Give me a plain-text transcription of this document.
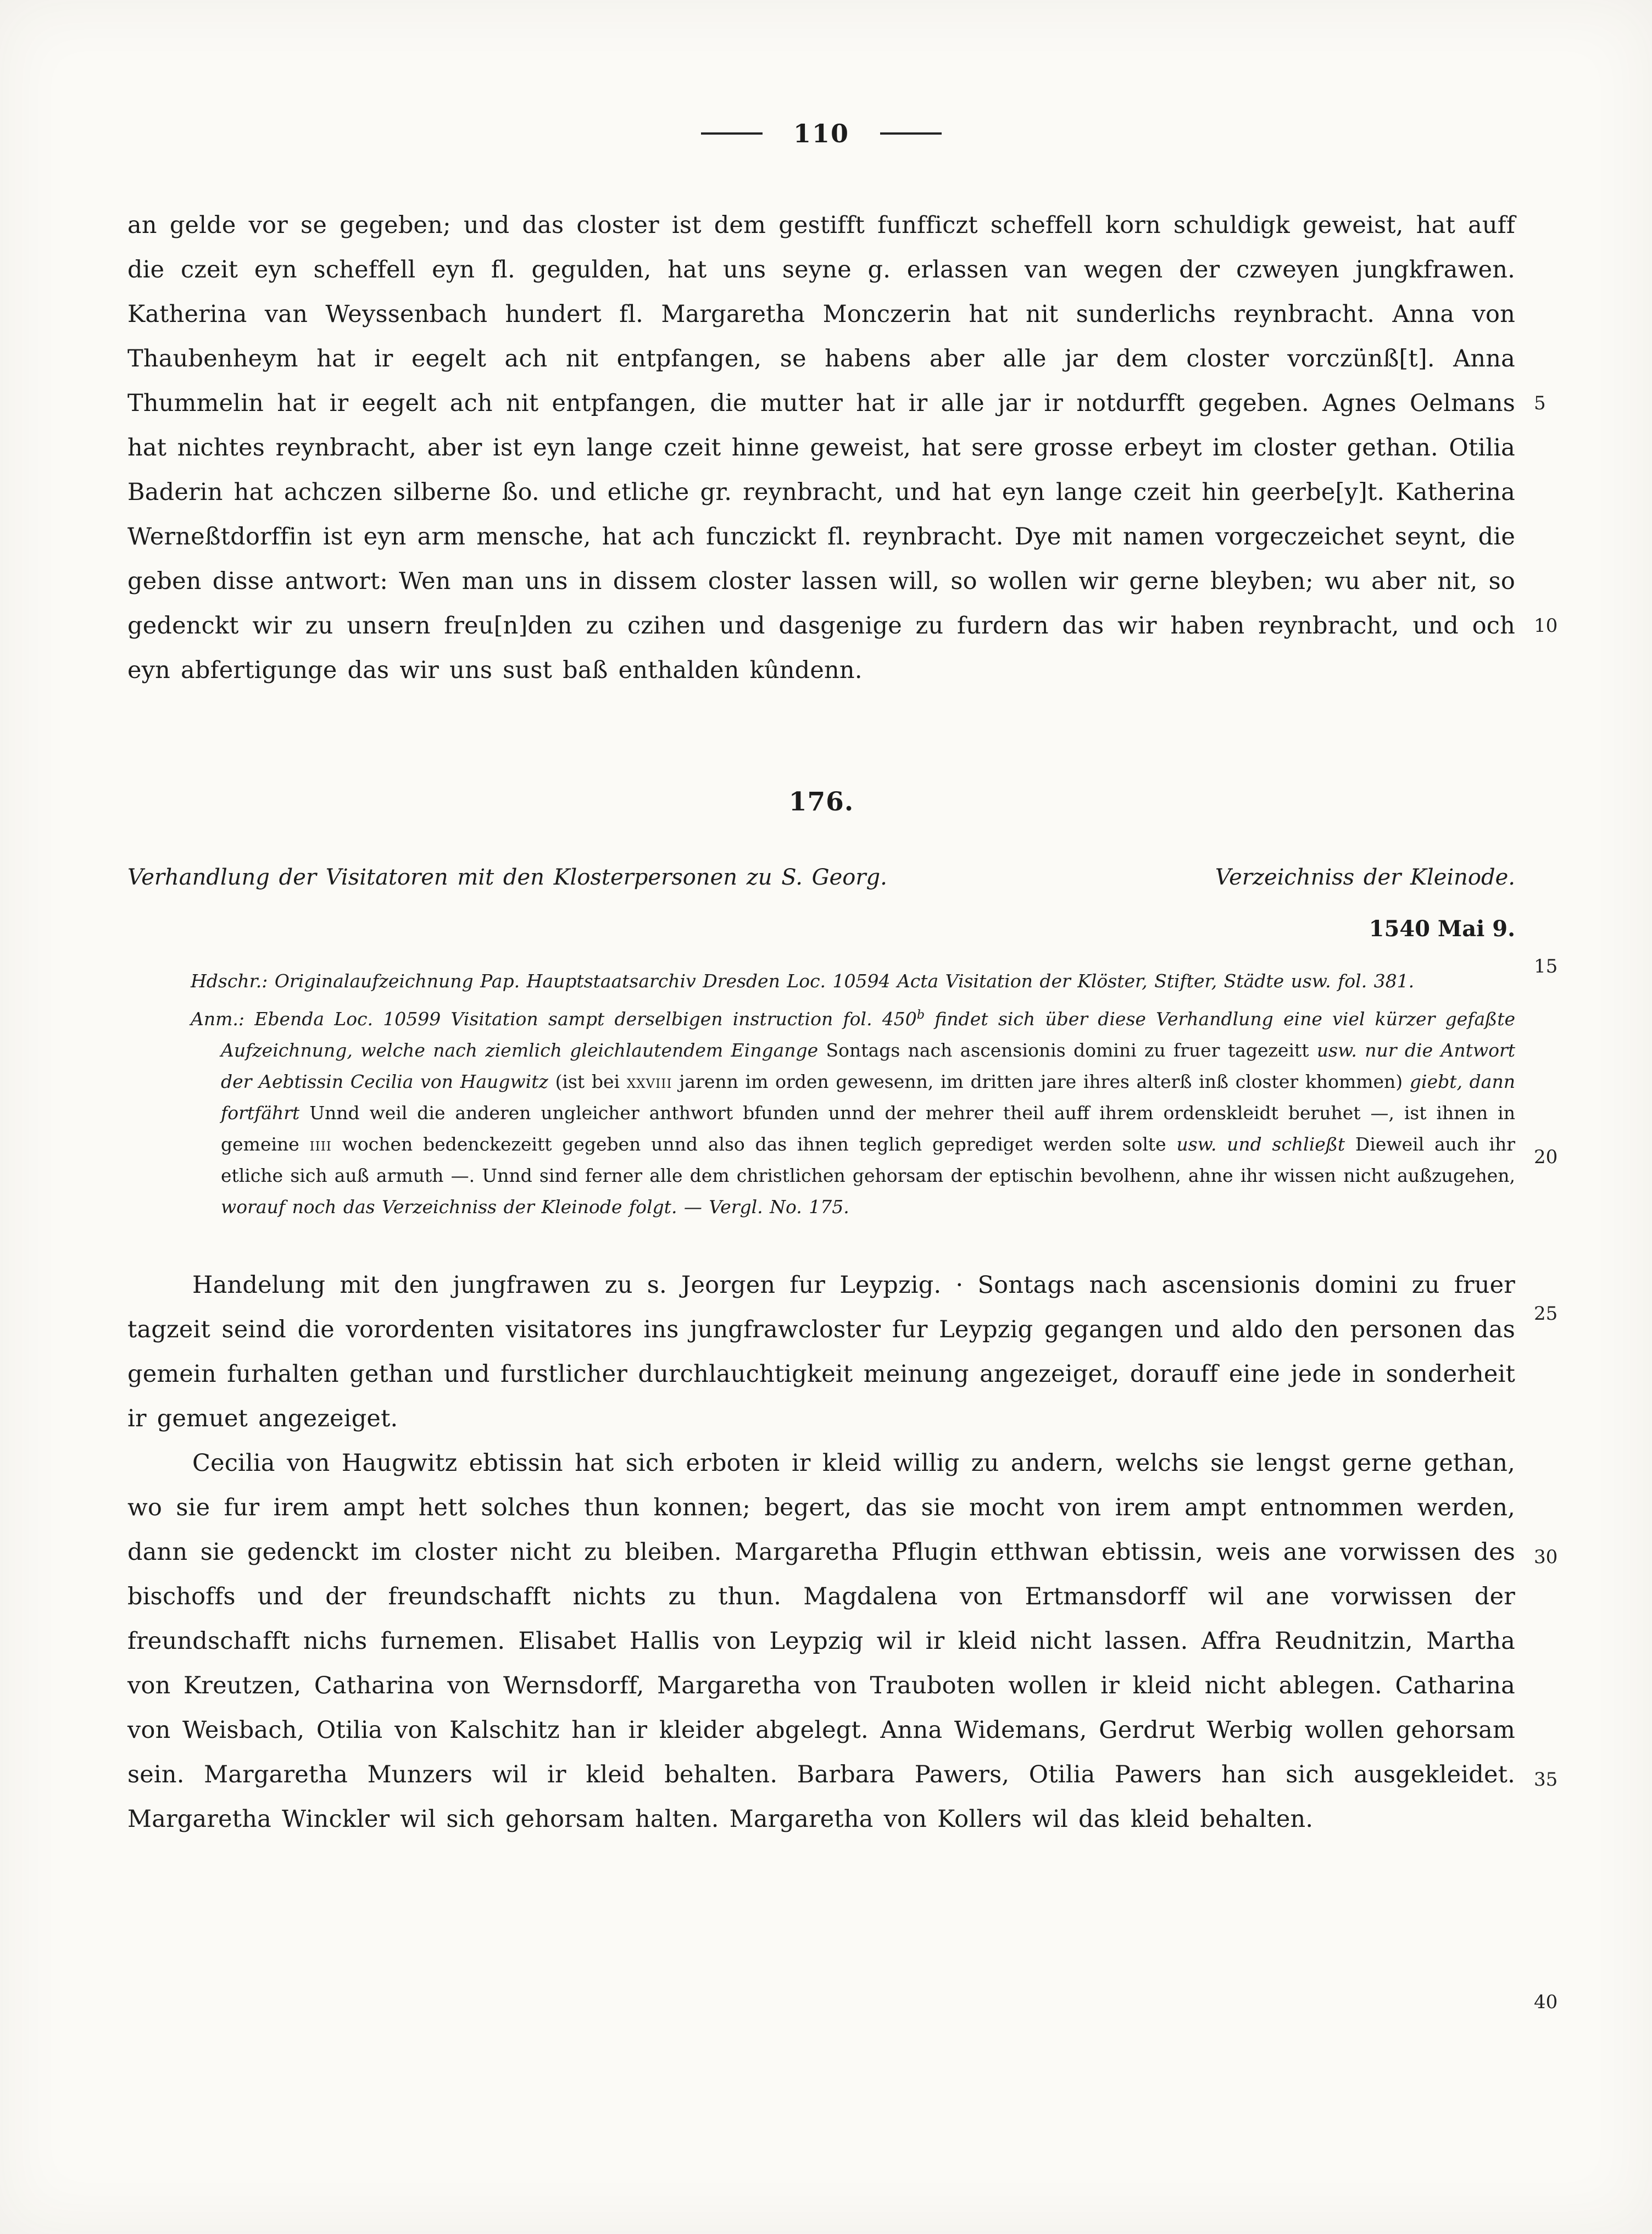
110

an gelde vor se gegeben; und das closter ist dem gestifft funfficzt scheffell korn schuldigk geweist, hat auff die czeit eyn scheffell eyn fl. gegulden, hat uns seyne g. erlassen van wegen der czweyen jungkfrawen. Katherina van Weyssenbach hundert fl. Margaretha Monczerin hat nit sunderlichs reynbracht. Anna von Thaubenheym hat ir eegelt ach nit entpfangen, se habens aber alle jar dem closter vorczünß[t]. Anna Thummelin hat ir eegelt ach nit entpfangen, die mutter hat ir alle jar ir notdurfft gegeben. Agnes Oelmans hat nichtes reynbracht, aber ist eyn lange czeit hinne geweist, hat sere grosse erbeyt im closter gethan. Otilia Baderin hat achczen silberne ßo. und etliche gr. reynbracht, und hat eyn lange czeit hin geerbe[y]t. Katherina Werneßtdorffin ist eyn arm mensche, hat ach funczickt fl. reynbracht. Dye mit namen vorgeczeichet seynt, die geben disse antwort: Wen man uns in dissem closter lassen will, so wollen wir gerne bleyben; wu aber nit, so gedenckt wir zu unsern freu[n]den zu czihen und dasgenige zu furdern das wir haben reynbracht, und och eyn abfertigunge das wir uns sust baß enthalden kûndenn.

176.

Verhandlung der Visitatoren mit den Klosterpersonen zu S. Georg.	Verzeichniss der Kleinode.

1540 Mai 9.

Hdschr.: Originalaufzeichnung Pap. Hauptstaatsarchiv Dresden Loc. 10594 Acta Visitation der Klöster, Stifter, Städte usw. fol. 381.

Anm.: Ebenda Loc. 10599 Visitation sampt derselbigen instruction fol. 450$^b$ findet sich über diese Verhandlung eine viel kürzer gefaßte Aufzeichnung, welche nach ziemlich gleichlautendem Eingange Sontags nach ascensionis domini zu fruer tagezeitt usw. nur die Antwort der Aebtissin Cecilia von Haugwitz (ist bei xxviii jarenn im orden gewesenn, im dritten jare ihres alterß inß closter khommen) giebt, dann fortfährt Unnd weil die anderen ungleicher anthwort bfunden unnd der mehrer theil auff ihrem ordenskleidt beruhet —, ist ihnen in gemeine iiii wochen bedenckezeitt gegeben unnd also das ihnen teglich geprediget werden solte usw. und schließt Dieweil auch ihr etliche sich auß armuth —. Unnd sind ferner alle dem christlichen gehorsam der eptischin bevolhenn, ahne ihr wissen nicht außzugehen, worauf noch das Verzeichniss der Kleinode folgt. — Vergl. No. 175.

Handelung mit den jungfrawen zu s. Jeorgen fur Leypzig. · Sontags nach ascensionis domini zu fruer tagzeit seind die vorordenten visitatores ins jungfrawcloster fur Leypzig gegangen und aldo den personen das gemein furhalten gethan und furstlicher durchlauchtigkeit meinung angezeiget, dorauff eine jede in sonderheit ir gemuet angezeiget.

Cecilia von Haugwitz ebtissin hat sich erboten ir kleid willig zu andern, welchs sie lengst gerne gethan, wo sie fur irem ampt hett solches thun konnen; begert, das sie mocht von irem ampt entnommen werden, dann sie gedenckt im closter nicht zu bleiben. Margaretha Pflugin etthwan ebtissin, weis ane vorwissen des bischoffs und der freundschafft nichts zu thun. Magdalena von Ertmansdorff wil ane vorwissen der freundschafft nichs furnemen. Elisabet Hallis von Leypzig wil ir kleid nicht lassen. Affra Reudnitzin, Martha von Kreutzen, Catharina von Wernsdorff, Margaretha von Trauboten wollen ir kleid nicht ablegen. Catharina von Weisbach, Otilia von Kalschitz han ir kleider abgelegt. Anna Widemans, Gerdrut Werbig wollen gehorsam sein. Margaretha Munzers wil ir kleid behalten. Barbara Pawers, Otilia Pawers han sich ausgekleidet. Margaretha Winckler wil sich gehorsam halten. Margaretha von Kollers wil das kleid behalten.

5
10
15
20
25
30
35
40
